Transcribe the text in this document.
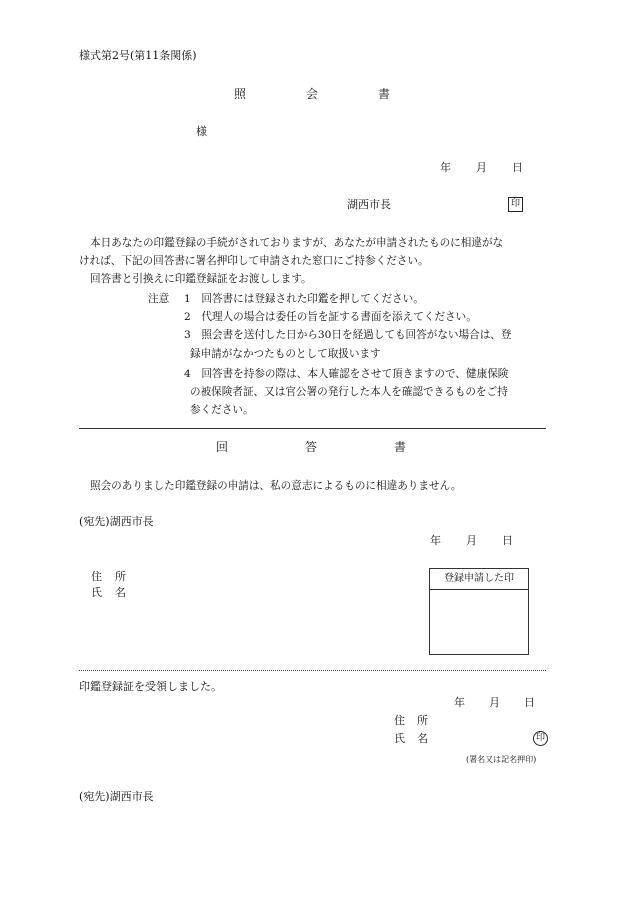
様式第2号(第11条関係)
照	会	書
様
年 月 日
湖西市長	印
本日あなたの印鑑登録の手続がされておりますが、あなたが申請されたものに相違がな
ければ、下記の回答書に署名押印して申請された窓口にご持参ください。
回答書と引換えに印鑑登録証をお渡しします。
注意 1 回答書には登録された印鑑を押してください。
2 代理人の場合は委任の旨を証する書面を添えてください。
3 照会書を送付した日から30日を経過しても回答がない場合は、登
録申請がなかつたものとして取扱います
4 回答書を持参の際は、本人確認をさせて頂きますので、健康保険
の被保険者証、又は官公署の発行した本人を確認できるものをご持
参ください。
回	答	書
照会のありました印鑑登録の申請は、私の意志によるものに相違ありません。
(宛先)湖西市長
年 月 日
住 所
氏 名
登録申請した印
印鑑登録証を受領しました。
年 月 日
住 所
氏 名	印
(署名又は記名押印)
(宛先)湖西市長
